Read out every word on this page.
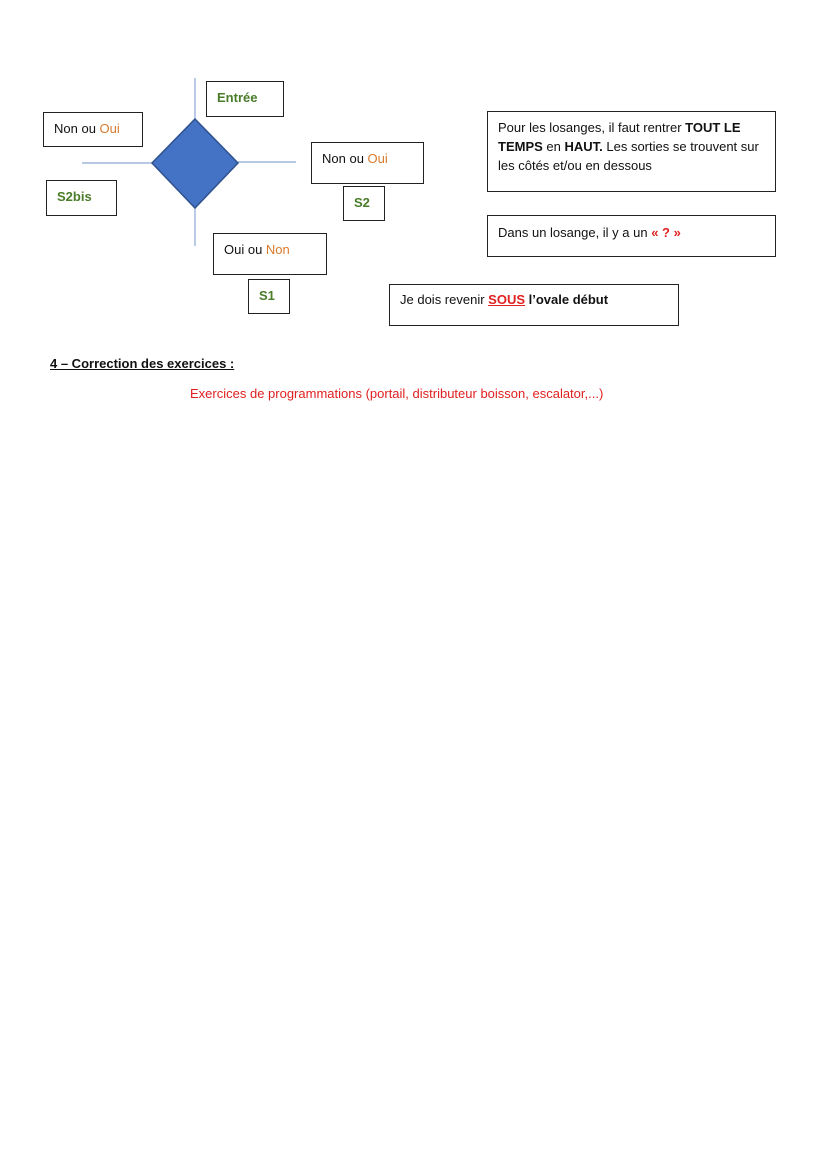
Entrée
Non ou Oui
S2bis
Non ou Oui
S2
Oui ou Non
S1
Pour les losanges, il faut rentrer TOUT LE TEMPS en HAUT. Les sorties se trouvent sur les côtés et/ou en dessous
Dans un losange, il y a un « ? »
Je dois revenir SOUS l’ovale début
4 – Correction des exercices :
Exercices de programmations (portail, distributeur boisson, escalator,...)
